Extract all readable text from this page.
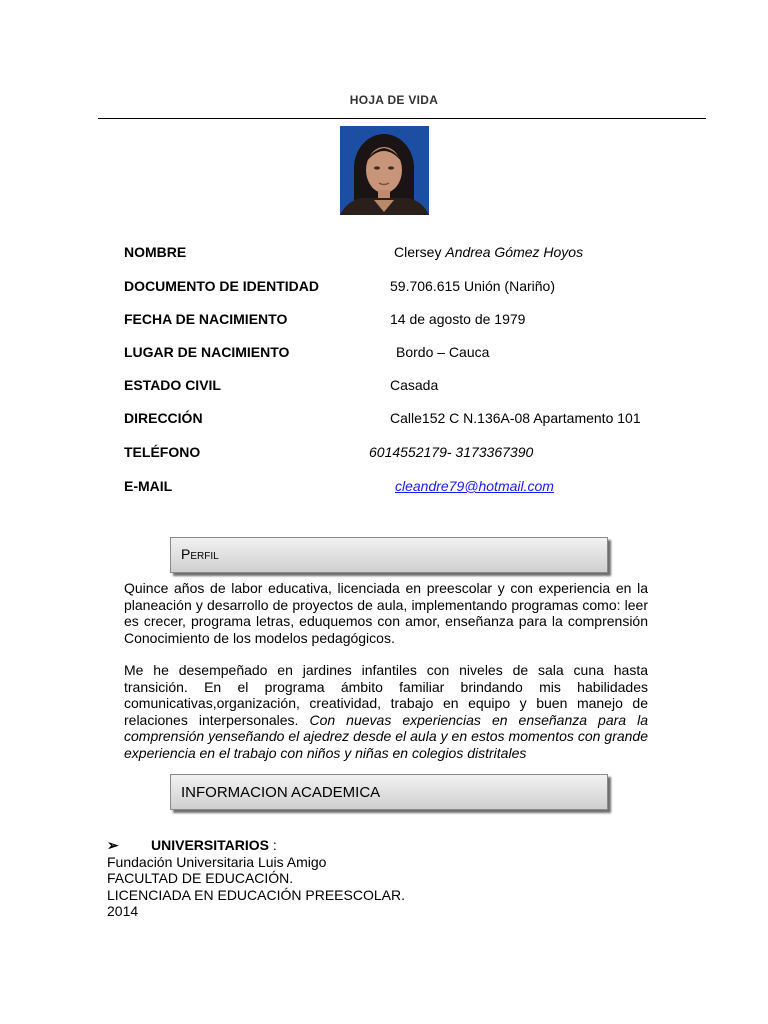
HOJA DE VIDA
NOMBRE	Clersey Andrea Gómez Hoyos
DOCUMENTO DE IDENTIDAD	59.706.615 Unión (Nariño)
FECHA DE NACIMIENTO	14 de agosto de 1979
LUGAR DE NACIMIENTO	Bordo – Cauca
ESTADO CIVIL	Casada
DIRECCIÓN	Calle152 C N.136A-08 Apartamento 101
TELÉFONO	6014552179- 3173367390
E-MAIL	cleandre79@hotmail.com
Perfil
Quince años de labor educativa, licenciada en preescolar y con experiencia en la planeación y desarrollo de proyectos de aula, implementando programas como: leer es crecer, programa letras, eduquemos con amor, enseñanza para la comprensión Conocimiento de los modelos pedagógicos.
Me he desempeñado en jardines infantiles con niveles de sala cuna hasta transición. En el programa ámbito familiar brindando mis habilidades comunicativas,organización, creatividad, trabajo en equipo y buen manejo de relaciones interpersonales. Con nuevas experiencias en enseñanza para la comprensión yenseñando el ajedrez desde el aula y en estos momentos con grande experiencia en el trabajo con niños y niñas en colegios distritales
INFORMACION ACADEMICA
➢ UNIVERSITARIOS :
Fundación Universitaria Luis Amigo
FACULTAD DE EDUCACIÓN.
LICENCIADA EN EDUCACIÓN PREESCOLAR.
2014
